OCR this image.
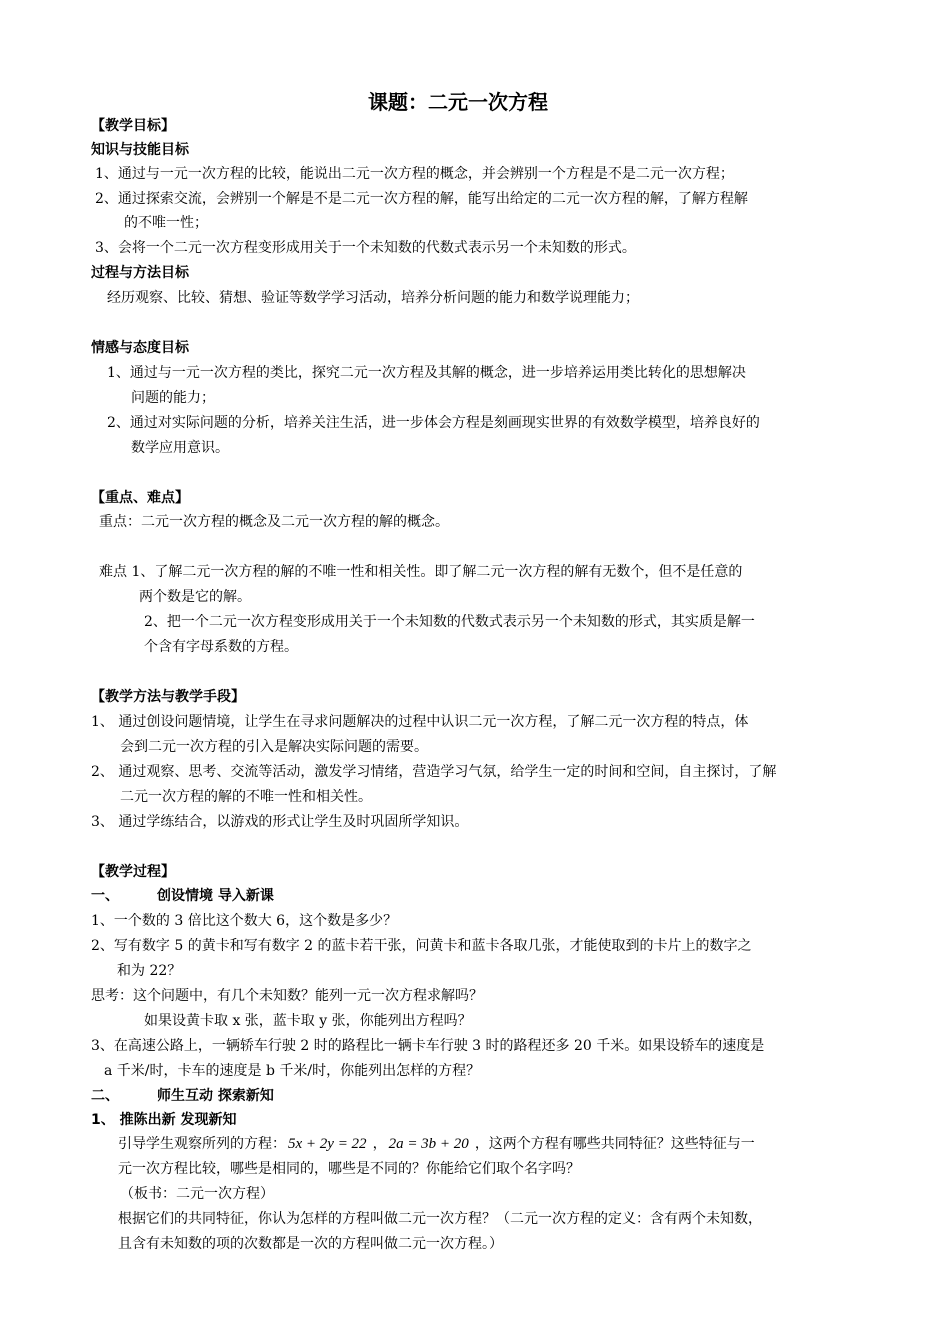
课题：二元一次方程
【教学目标】
知识与技能目标
1、通过与一元一次方程的比较，能说出二元一次方程的概念，并会辨别一个方程是不是二元一次方程；
2、通过探索交流，会辨别一个解是不是二元一次方程的解，能写出给定的二元一次方程的解，了解方程解
的不唯一性；
3、会将一个二元一次方程变形成用关于一个未知数的代数式表示另一个未知数的形式。
过程与方法目标
经历观察、比较、猜想、验证等数学学习活动，培养分析问题的能力和数学说理能力；
情感与态度目标
1、通过与一元一次方程的类比，探究二元一次方程及其解的概念，进一步培养运用类比转化的思想解决
问题的能力；
2、通过对实际问题的分析，培养关注生活，进一步体会方程是刻画现实世界的有效数学模型，培养良好的
数学应用意识。
【重点、难点】
重点：二元一次方程的概念及二元一次方程的解的概念。
难点 1、了解二元一次方程的解的不唯一性和相关性。即了解二元一次方程的解有无数个，但不是任意的
两个数是它的解。
2、把一个二元一次方程变形成用关于一个未知数的代数式表示另一个未知数的形式，其实质是解一
个含有字母系数的方程。
【教学方法与教学手段】
1、 通过创设问题情境，让学生在寻求问题解决的过程中认识二元一次方程，了解二元一次方程的特点，体
会到二元一次方程的引入是解决实际问题的需要。
2、 通过观察、思考、交流等活动，激发学习情绪，营造学习气氛，给学生一定的时间和空间，自主探讨，了解
二元一次方程的解的不唯一性和相关性。
3、 通过学练结合，以游戏的形式让学生及时巩固所学知识。
【教学过程】
一、	创设情境 导入新课
1、一个数的 3 倍比这个数大 6，这个数是多少？
2、写有数字 5 的黄卡和写有数字 2 的蓝卡若干张，问黄卡和蓝卡各取几张，才能使取到的卡片上的数字之
和为 22？
思考：这个问题中，有几个未知数？能列一元一次方程求解吗？
如果设黄卡取 x 张，蓝卡取 y 张，你能列出方程吗？
3、在高速公路上，一辆轿车行驶 2 时的路程比一辆卡车行驶 3 时的路程还多 20 千米。如果设轿车的速度是
a 千米/时，卡车的速度是 b 千米/时，你能列出怎样的方程？
二、	师生互动 探索新知
1、 推陈出新 发现新知
引导学生观察所列的方程： 5x + 2y = 22 ， 2a = 3b + 20 ，这两个方程有哪些共同特征？这些特征与一
元一次方程比较，哪些是相同的，哪些是不同的？你能给它们取个名字吗？
（板书：二元一次方程）
根据它们的共同特征，你认为怎样的方程叫做二元一次方程？（二元一次方程的定义：含有两个未知数，
且含有未知数的项的次数都是一次的方程叫做二元一次方程。）
